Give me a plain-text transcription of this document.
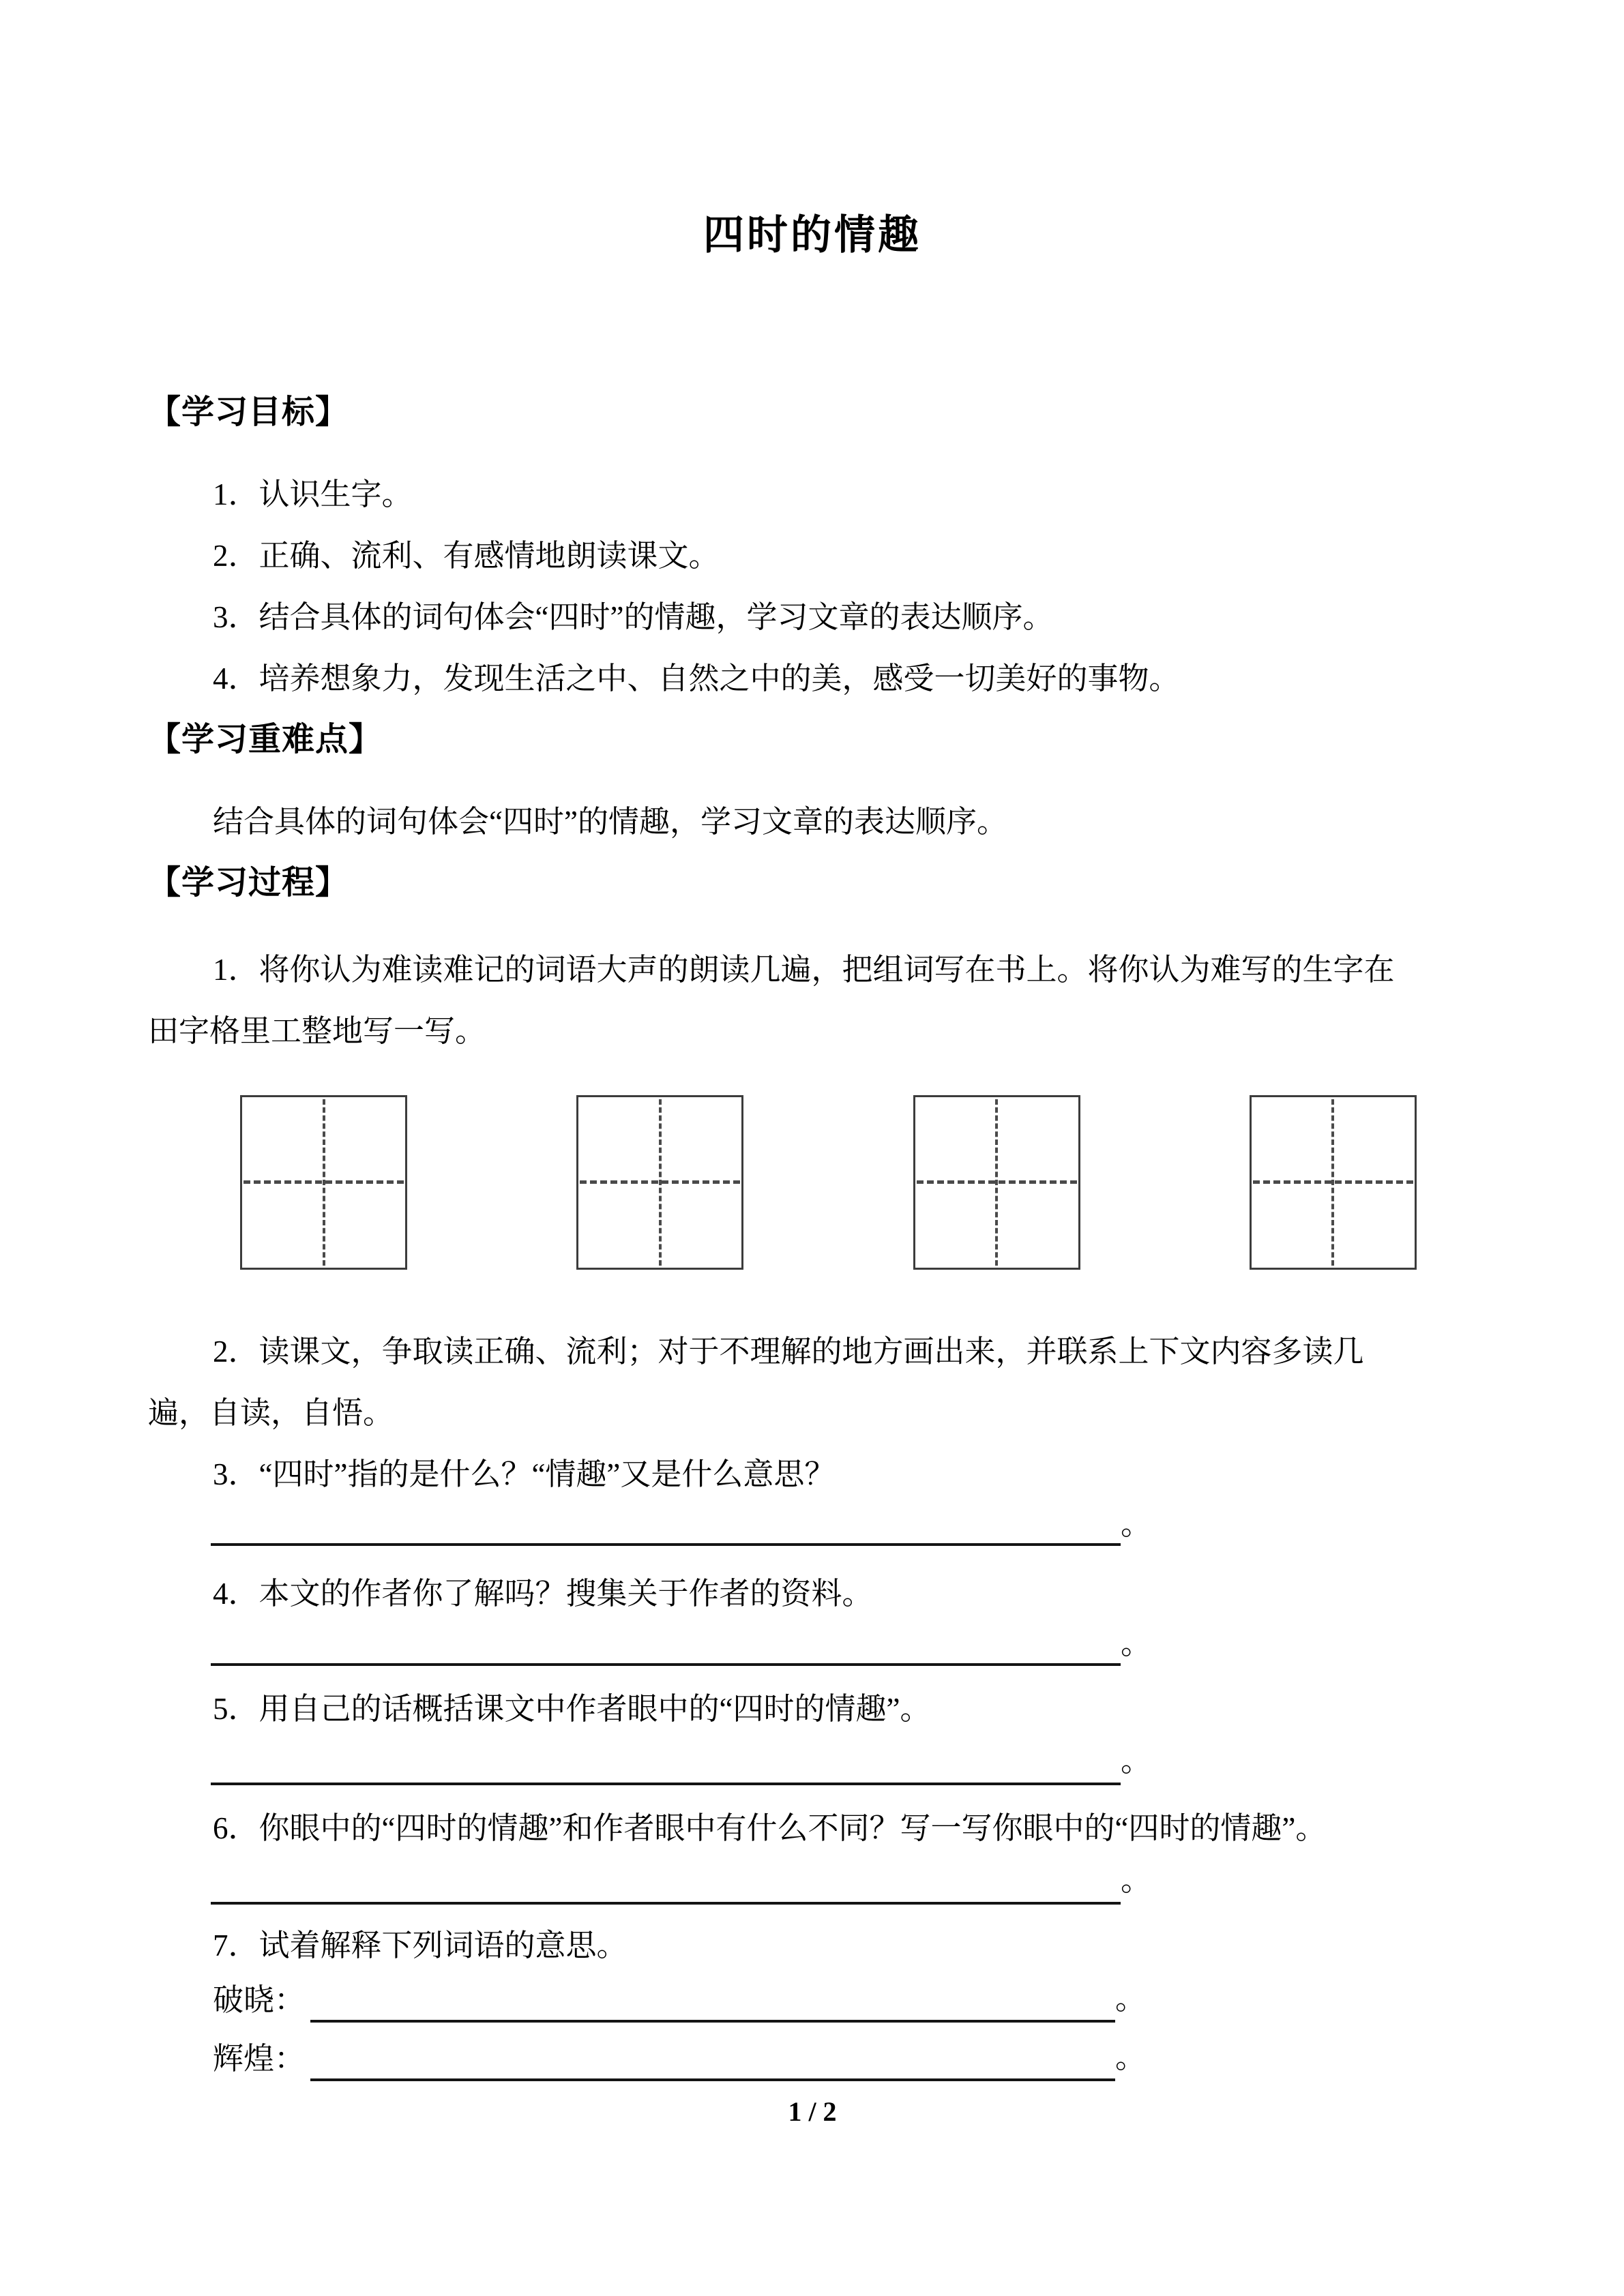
四时的情趣
【学习目标】
1．认识生字。
2．正确、流利、有感情地朗读课文。
3．结合具体的词句体会“四时”的情趣，学习文章的表达顺序。
4．培养想象力，发现生活之中、自然之中的美，感受一切美好的事物。
【学习重难点】
结合具体的词句体会“四时”的情趣，学习文章的表达顺序。
【学习过程】
1．将你认为难读难记的词语大声的朗读几遍，把组词写在书上。将你认为难写的生字在
田字格里工整地写一写。
2．读课文，争取读正确、流利；对于不理解的地方画出来，并联系上下文内容多读几
遍，自读，自悟。
3．“四时”指的是什么？“情趣”又是什么意思？
。
4．本文的作者你了解吗？搜集关于作者的资料。
。
5．用自己的话概括课文中作者眼中的“四时的情趣”。
。
6．你眼中的“四时的情趣”和作者眼中有什么不同？写一写你眼中的“四时的情趣”。
。
7．试着解释下列词语的意思。
破晓：	。
辉煌：	。
1 / 2
